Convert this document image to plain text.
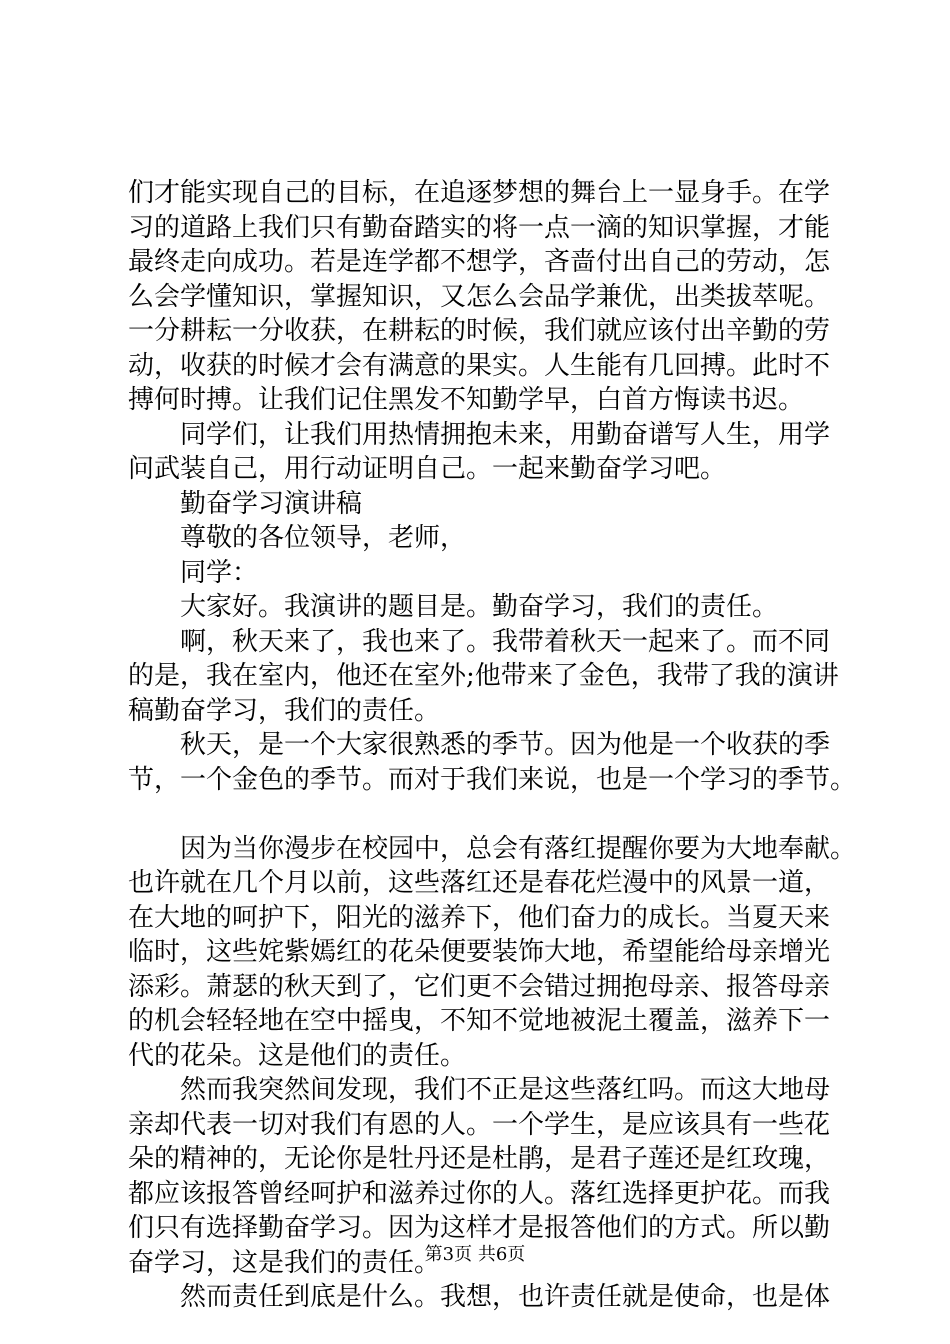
们才能实现自己的目标，在追逐梦想的舞台上一显身手。在学
习的道路上我们只有勤奋踏实的将一点一滴的知识掌握，才能
最终走向成功。若是连学都不想学，吝啬付出自己的劳动，怎
么会学懂知识，掌握知识，又怎么会品学兼优，出类拔萃呢。
一分耕耘一分收获，在耕耘的时候，我们就应该付出辛勤的劳
动，收获的时候才会有满意的果实。人生能有几回搏。此时不
搏何时搏。让我们记住黑发不知勤学早，白首方悔读书迟。
同学们，让我们用热情拥抱未来，用勤奋谱写人生，用学
问武装自己，用行动证明自己。一起来勤奋学习吧。
勤奋学习演讲稿
尊敬的各位领导，老师，
同学：
大家好。我演讲的题目是。勤奋学习，我们的责任。
啊，秋天来了，我也来了。我带着秋天一起来了。而不同
的是，我在室内，他还在室外;他带来了金色，我带了我的演讲
稿勤奋学习，我们的责任。
秋天，是一个大家很熟悉的季节。因为他是一个收获的季
节，一个金色的季节。而对于我们来说，也是一个学习的季节。
因为当你漫步在校园中，总会有落红提醒你要为大地奉献。
也许就在几个月以前，这些落红还是春花烂漫中的风景一道，
在大地的呵护下，阳光的滋养下，他们奋力的成长。当夏天来
临时，这些姹紫嫣红的花朵便要装饰大地，希望能给母亲增光
添彩。萧瑟的秋天到了，它们更不会错过拥抱母亲、报答母亲
的机会轻轻地在空中摇曳，不知不觉地被泥土覆盖，滋养下一
代的花朵。这是他们的责任。
然而我突然间发现，我们不正是这些落红吗。而这大地母
亲却代表一切对我们有恩的人。一个学生，是应该具有一些花
朵的精神的，无论你是牡丹还是杜鹃，是君子莲还是红玫瑰，
都应该报答曾经呵护和滋养过你的人。落红选择更护花。而我
们只有选择勤奋学习。因为这样才是报答他们的方式。所以勤
奋学习，这是我们的责任。
然而责任到底是什么。我想，也许责任就是使命，也是体
第3页 共6页
